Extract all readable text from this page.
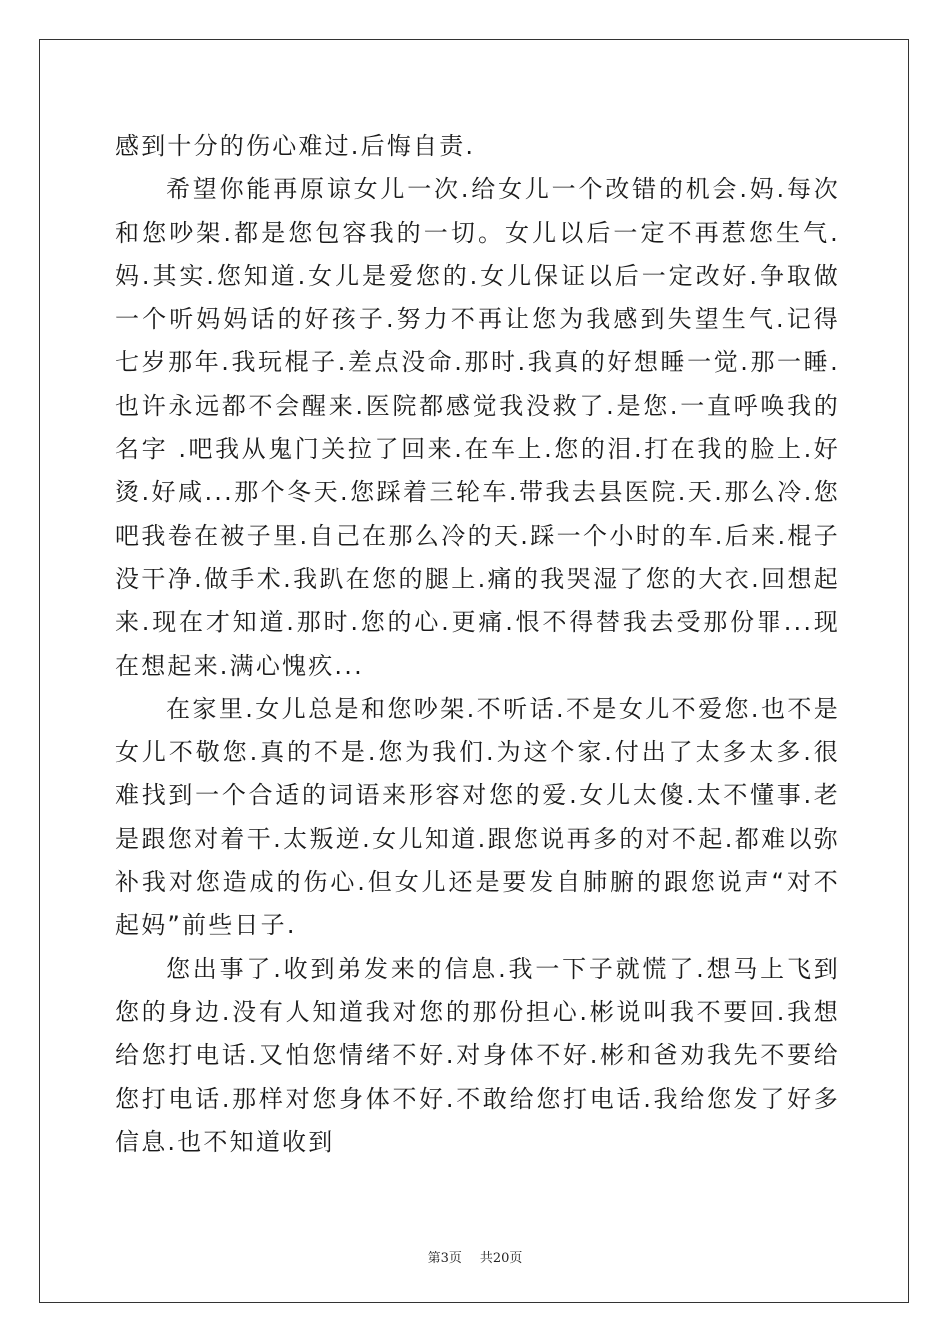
感到十分的伤心难过.后悔自责.

希望你能再原谅女儿一次.给女儿一个改错的机会.妈.每次和您吵架.都是您包容我的一切。女儿以后一定不再惹您生气.妈.其实.您知道.女儿是爱您的.女儿保证以后一定改好.争取做一个听妈妈话的好孩子.努力不再让您为我感到失望生气.记得七岁那年.我玩棍子.差点没命.那时.我真的好想睡一觉.那一睡.也许永远都不会醒来.医院都感觉我没救了.是您.一直呼唤我的名字 .吧我从鬼门关拉了回来.在车上.您的泪.打在我的脸上.好烫.好咸...那个冬天.您踩着三轮车.带我去县医院.天.那么冷.您吧我卷在被子里.自己在那么冷的天.踩一个小时的车.后来.棍子没干净.做手术.我趴在您的腿上.痛的我哭湿了您的大衣.回想起来.现在才知道.那时.您的心.更痛.恨不得替我去受那份罪...现在想起来.满心愧疚...

在家里.女儿总是和您吵架.不听话.不是女儿不爱您.也不是女儿不敬您.真的不是.您为我们.为这个家.付出了太多太多.很难找到一个合适的词语来形容对您的爱.女儿太傻.太不懂事.老是跟您对着干.太叛逆.女儿知道.跟您说再多的对不起.都难以弥补我对您造成的伤心.但女儿还是要发自肺腑的跟您说声“对不起妈”前些日子.

您出事了.收到弟发来的信息.我一下子就慌了.想马上飞到您的身边.没有人知道我对您的那份担心.彬说叫我不要回.我想给您打电话.又怕您情绪不好.对身体不好.彬和爸劝我先不要给您打电话.那样对您身体不好.不敢给您打电话.我给您发了好多信息.也不知道收到

第3页 共20页
